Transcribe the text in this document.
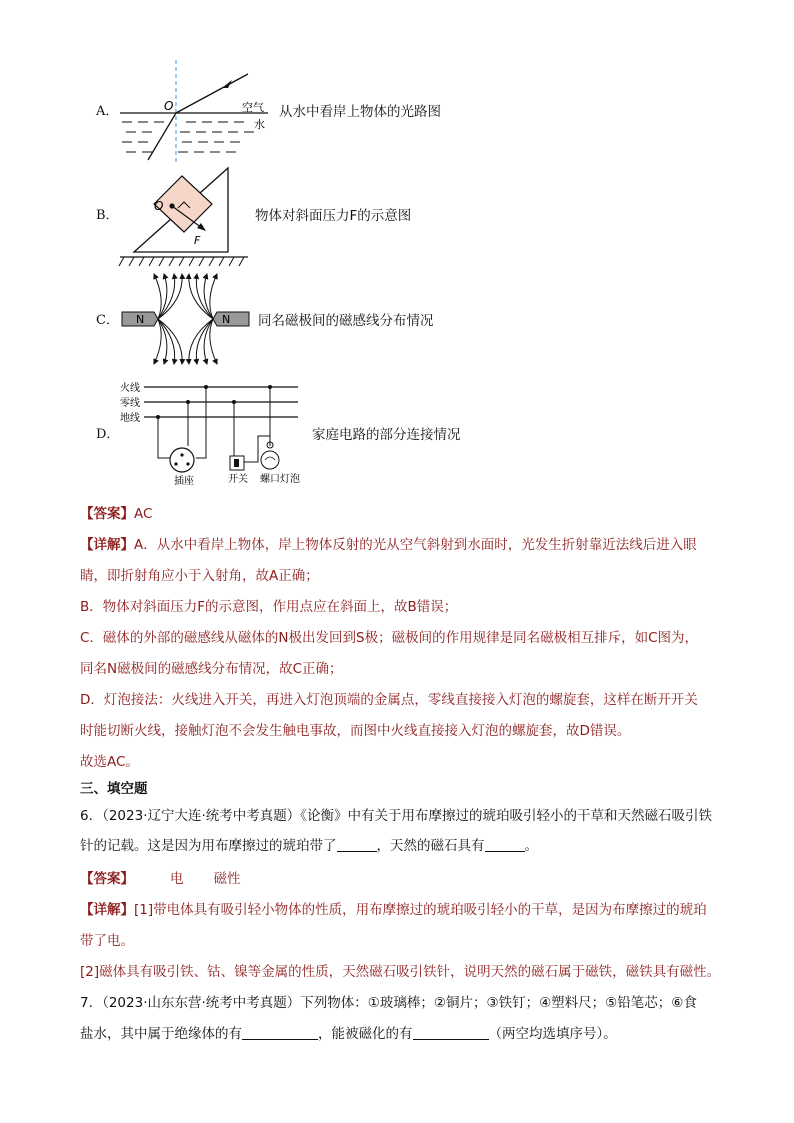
A．	O	空气
水
从水中看岸上物体的光路图
B．
O
F
物体对斜面压力F的示意图
C． N	N 同名磁极间的磁感线分布情况
D．
火线
零线
地线
插座	开关 螺口灯泡
家庭电路的部分连接情况
【答案】AC
【详解】A．从水中看岸上物体，岸上物体反射的光从空气斜射到水面时，光发生折射靠近法线后进入眼
睛，即折射角应小于入射角，故A正确；
B．物体对斜面压力F的示意图，作用点应在斜面上，故B错误；
C．磁体的外部的磁感线从磁体的N极出发回到S极；磁极间的作用规律是同名磁极相互排斥，如C图为，
同名N磁极间的磁感线分布情况，故C正确；
D．灯泡接法：火线进入开关，再进入灯泡顶端的金属点，零线直接接入灯泡的螺旋套，这样在断开开关
时能切断火线，接触灯泡不会发生触电事故，而图中火线直接接入灯泡的螺旋套，故D错误。
故选AC。
三、填空题
6．（2023·辽宁大连·统考中考真题）《论衡》中有关于用布摩擦过的琥珀吸引轻小的干草和天然磁石吸引铁
针的记载。这是因为用布摩擦过的琥珀带了	，天然的磁石具有	。
【答案】	电 磁性
【详解】[1]带电体具有吸引轻小物体的性质，用布摩擦过的琥珀吸引轻小的干草，是因为布摩擦过的琥珀
带了电。
[2]磁体具有吸引铁、钴、镍等金属的性质，天然磁石吸引铁针，说明天然的磁石属于磁铁，磁铁具有磁性。
7．（2023·山东东营·统考中考真题）下列物体：①玻璃棒；②铜片；③铁钉；④塑料尺；⑤铅笔芯；⑥食
盐水，其中属于绝缘体的有	，能被磁化的有	（两空均选填序号）。
